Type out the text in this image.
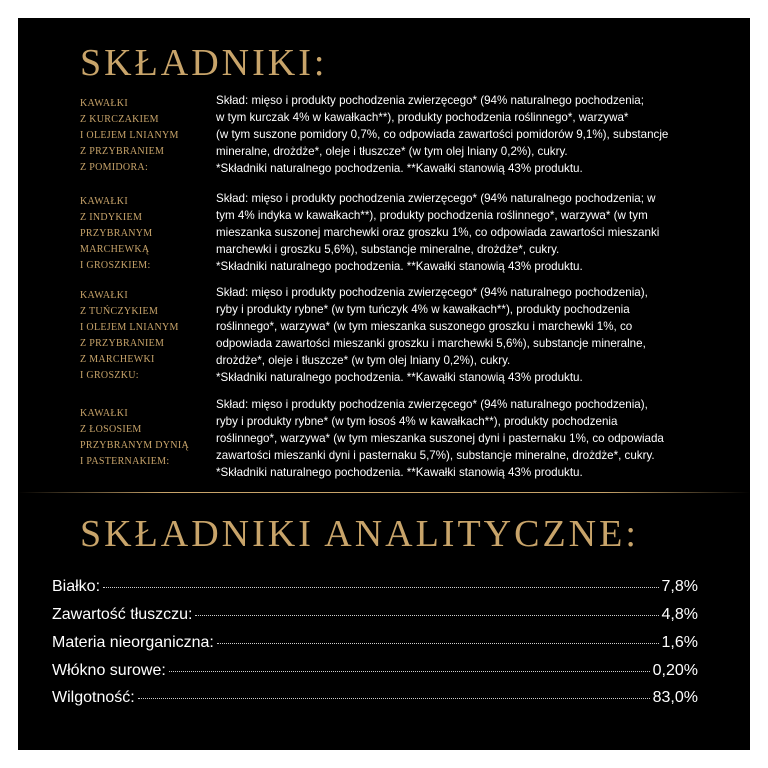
SKŁADNIKI:
KAWAŁKI
Z KURCZAKIEM
I OLEJEM LNIANYM
Z PRZYBRANIEM
Z POMIDORA:
Skład: mięso i produkty pochodzenia zwierzęcego* (94% naturalnego pochodzenia;
w tym kurczak 4% w kawałkach**), produkty pochodzenia roślinnego*, warzywa*
(w tym suszone pomidory 0,7%, co odpowiada zawartości pomidorów 9,1%), substancje
mineralne, drożdże*, oleje i tłuszcze* (w tym olej lniany 0,2%), cukry.
*Składniki naturalnego pochodzenia. **Kawałki stanowią 43% produktu.
KAWAŁKI
Z INDYKIEM
PRZYBRANYM
MARCHEWKĄ
I GROSZKIEM:
Skład: mięso i produkty pochodzenia zwierzęcego* (94% naturalnego pochodzenia; w
tym 4% indyka w kawałkach**), produkty pochodzenia roślinnego*, warzywa* (w tym
mieszanka suszonej marchewki oraz groszku 1%, co odpowiada zawartości mieszanki
marchewki i groszku 5,6%), substancje mineralne, drożdże*, cukry.
*Składniki naturalnego pochodzenia. **Kawałki stanowią 43% produktu.
KAWAŁKI
Z TUŃCZYKIEM
I OLEJEM LNIANYM
Z PRZYBRANIEM
Z MARCHEWKI
I GROSZKU:
Skład: mięso i produkty pochodzenia zwierzęcego* (94% naturalnego pochodzenia),
ryby i produkty rybne* (w tym tuńczyk 4% w kawałkach**), produkty pochodzenia
roślinnego*, warzywa* (w tym mieszanka suszonego groszku i marchewki 1%, co
odpowiada zawartości mieszanki groszku i marchewki 5,6%), substancje mineralne,
drożdże*, oleje i tłuszcze* (w tym olej lniany 0,2%), cukry.
*Składniki naturalnego pochodzenia. **Kawałki stanowią 43% produktu.
KAWAŁKI
Z ŁOSOSIEM
PRZYBRANYM DYNIĄ
I PASTERNAKIEM:
Skład: mięso i produkty pochodzenia zwierzęcego* (94% naturalnego pochodzenia),
ryby i produkty rybne* (w tym łosoś 4% w kawałkach**), produkty pochodzenia
roślinnego*, warzywa* (w tym mieszanka suszonej dyni i pasternaku 1%, co odpowiada
zawartości mieszanki dyni i pasternaku 5,7%), substancje mineralne, drożdże*, cukry.
*Składniki naturalnego pochodzenia. **Kawałki stanowią 43% produktu.
SKŁADNIKI ANALITYCZNE:
Białko:	7,8%
Zawartość tłuszczu:	4,8%
Materia nieorganiczna:	1,6%
Włókno surowe:	0,20%
Wilgotność:	83,0%
